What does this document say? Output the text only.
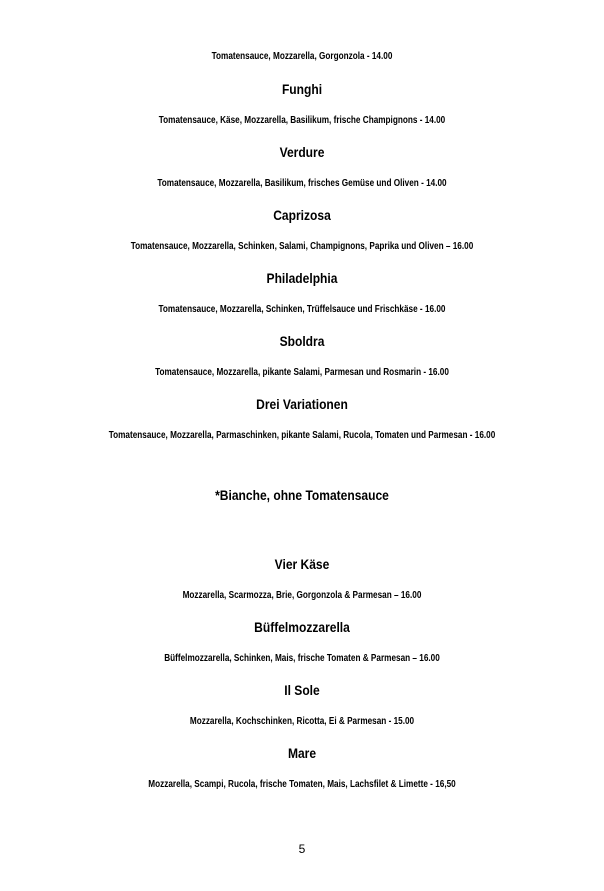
Tomatensauce, Mozzarella, Gorgonzola - 14.00
Funghi
Tomatensauce, Käse, Mozzarella, Basilikum, frische Champignons - 14.00
Verdure
Tomatensauce, Mozzarella, Basilikum, frisches Gemüse und Oliven - 14.00
Caprizosa
Tomatensauce, Mozzarella, Schinken, Salami, Champignons, Paprika und Oliven – 16.00
Philadelphia
Tomatensauce, Mozzarella, Schinken, Trüffelsauce und Frischkäse - 16.00
Sboldra
Tomatensauce, Mozzarella, pikante Salami, Parmesan und Rosmarin - 16.00
Drei Variationen
Tomatensauce, Mozzarella, Parmaschinken, pikante Salami, Rucola, Tomaten und Parmesan - 16.00
*Bianche, ohne Tomatensauce
Vier Käse
Mozzarella, Scarmozza, Brie, Gorgonzola & Parmesan – 16.00
Büffelmozzarella
Büffelmozzarella, Schinken, Mais, frische Tomaten & Parmesan – 16.00
Il Sole
Mozzarella, Kochschinken, Ricotta, Ei & Parmesan - 15.00
Mare
Mozzarella, Scampi, Rucola, frische Tomaten, Mais, Lachsfilet & Limette - 16,50
5
